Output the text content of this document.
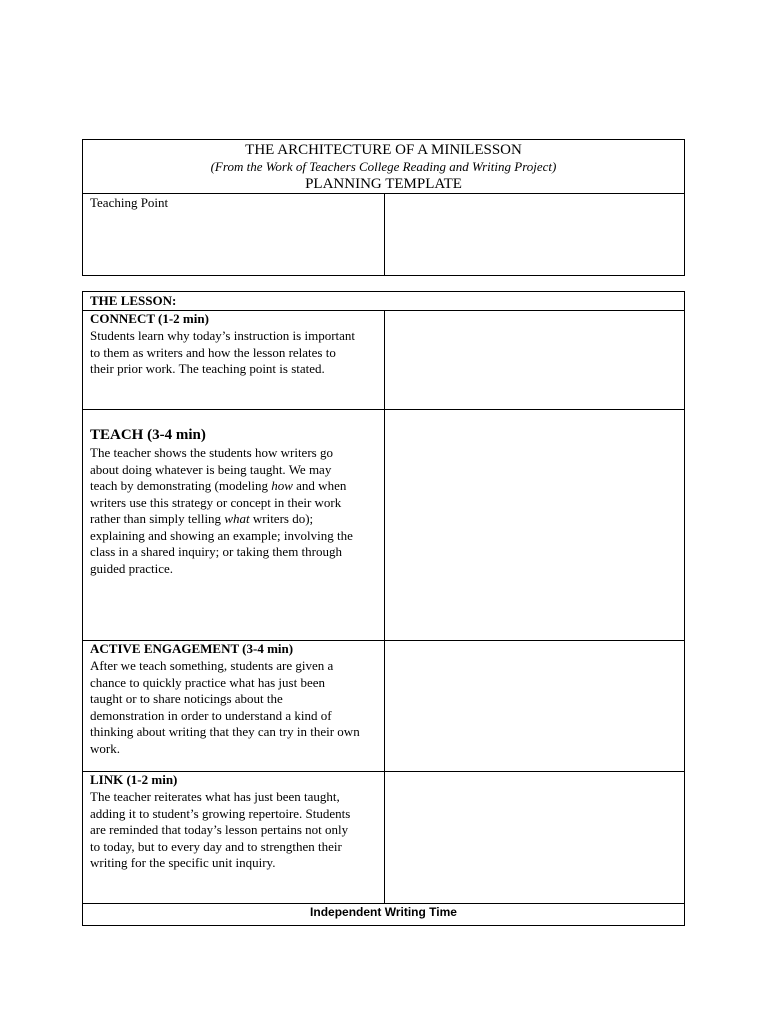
THE ARCHITECTURE OF A MINILESSON
(From the Work of Teachers College Reading and Writing Project)
PLANNING TEMPLATE
Teaching Point
THE LESSON:
CONNECT (1-2 min)
Students learn why today’s instruction is important
to them as writers and how the lesson relates to
their prior work. The teaching point is stated.
TEACH (3-4 min)
The teacher shows the students how writers go
about doing whatever is being taught. We may
teach by demonstrating (modeling how and when
writers use this strategy or concept in their work
rather than simply telling what writers do);
explaining and showing an example; involving the
class in a shared inquiry; or taking them through
guided practice.
ACTIVE ENGAGEMENT (3-4 min)
After we teach something, students are given a
chance to quickly practice what has just been
taught or to share noticings about the
demonstration in order to understand a kind of
thinking about writing that they can try in their own
work.
LINK (1-2 min)
The teacher reiterates what has just been taught,
adding it to student’s growing repertoire. Students
are reminded that today’s lesson pertains not only
to today, but to every day and to strengthen their
writing for the specific unit inquiry.
Independent Writing Time
